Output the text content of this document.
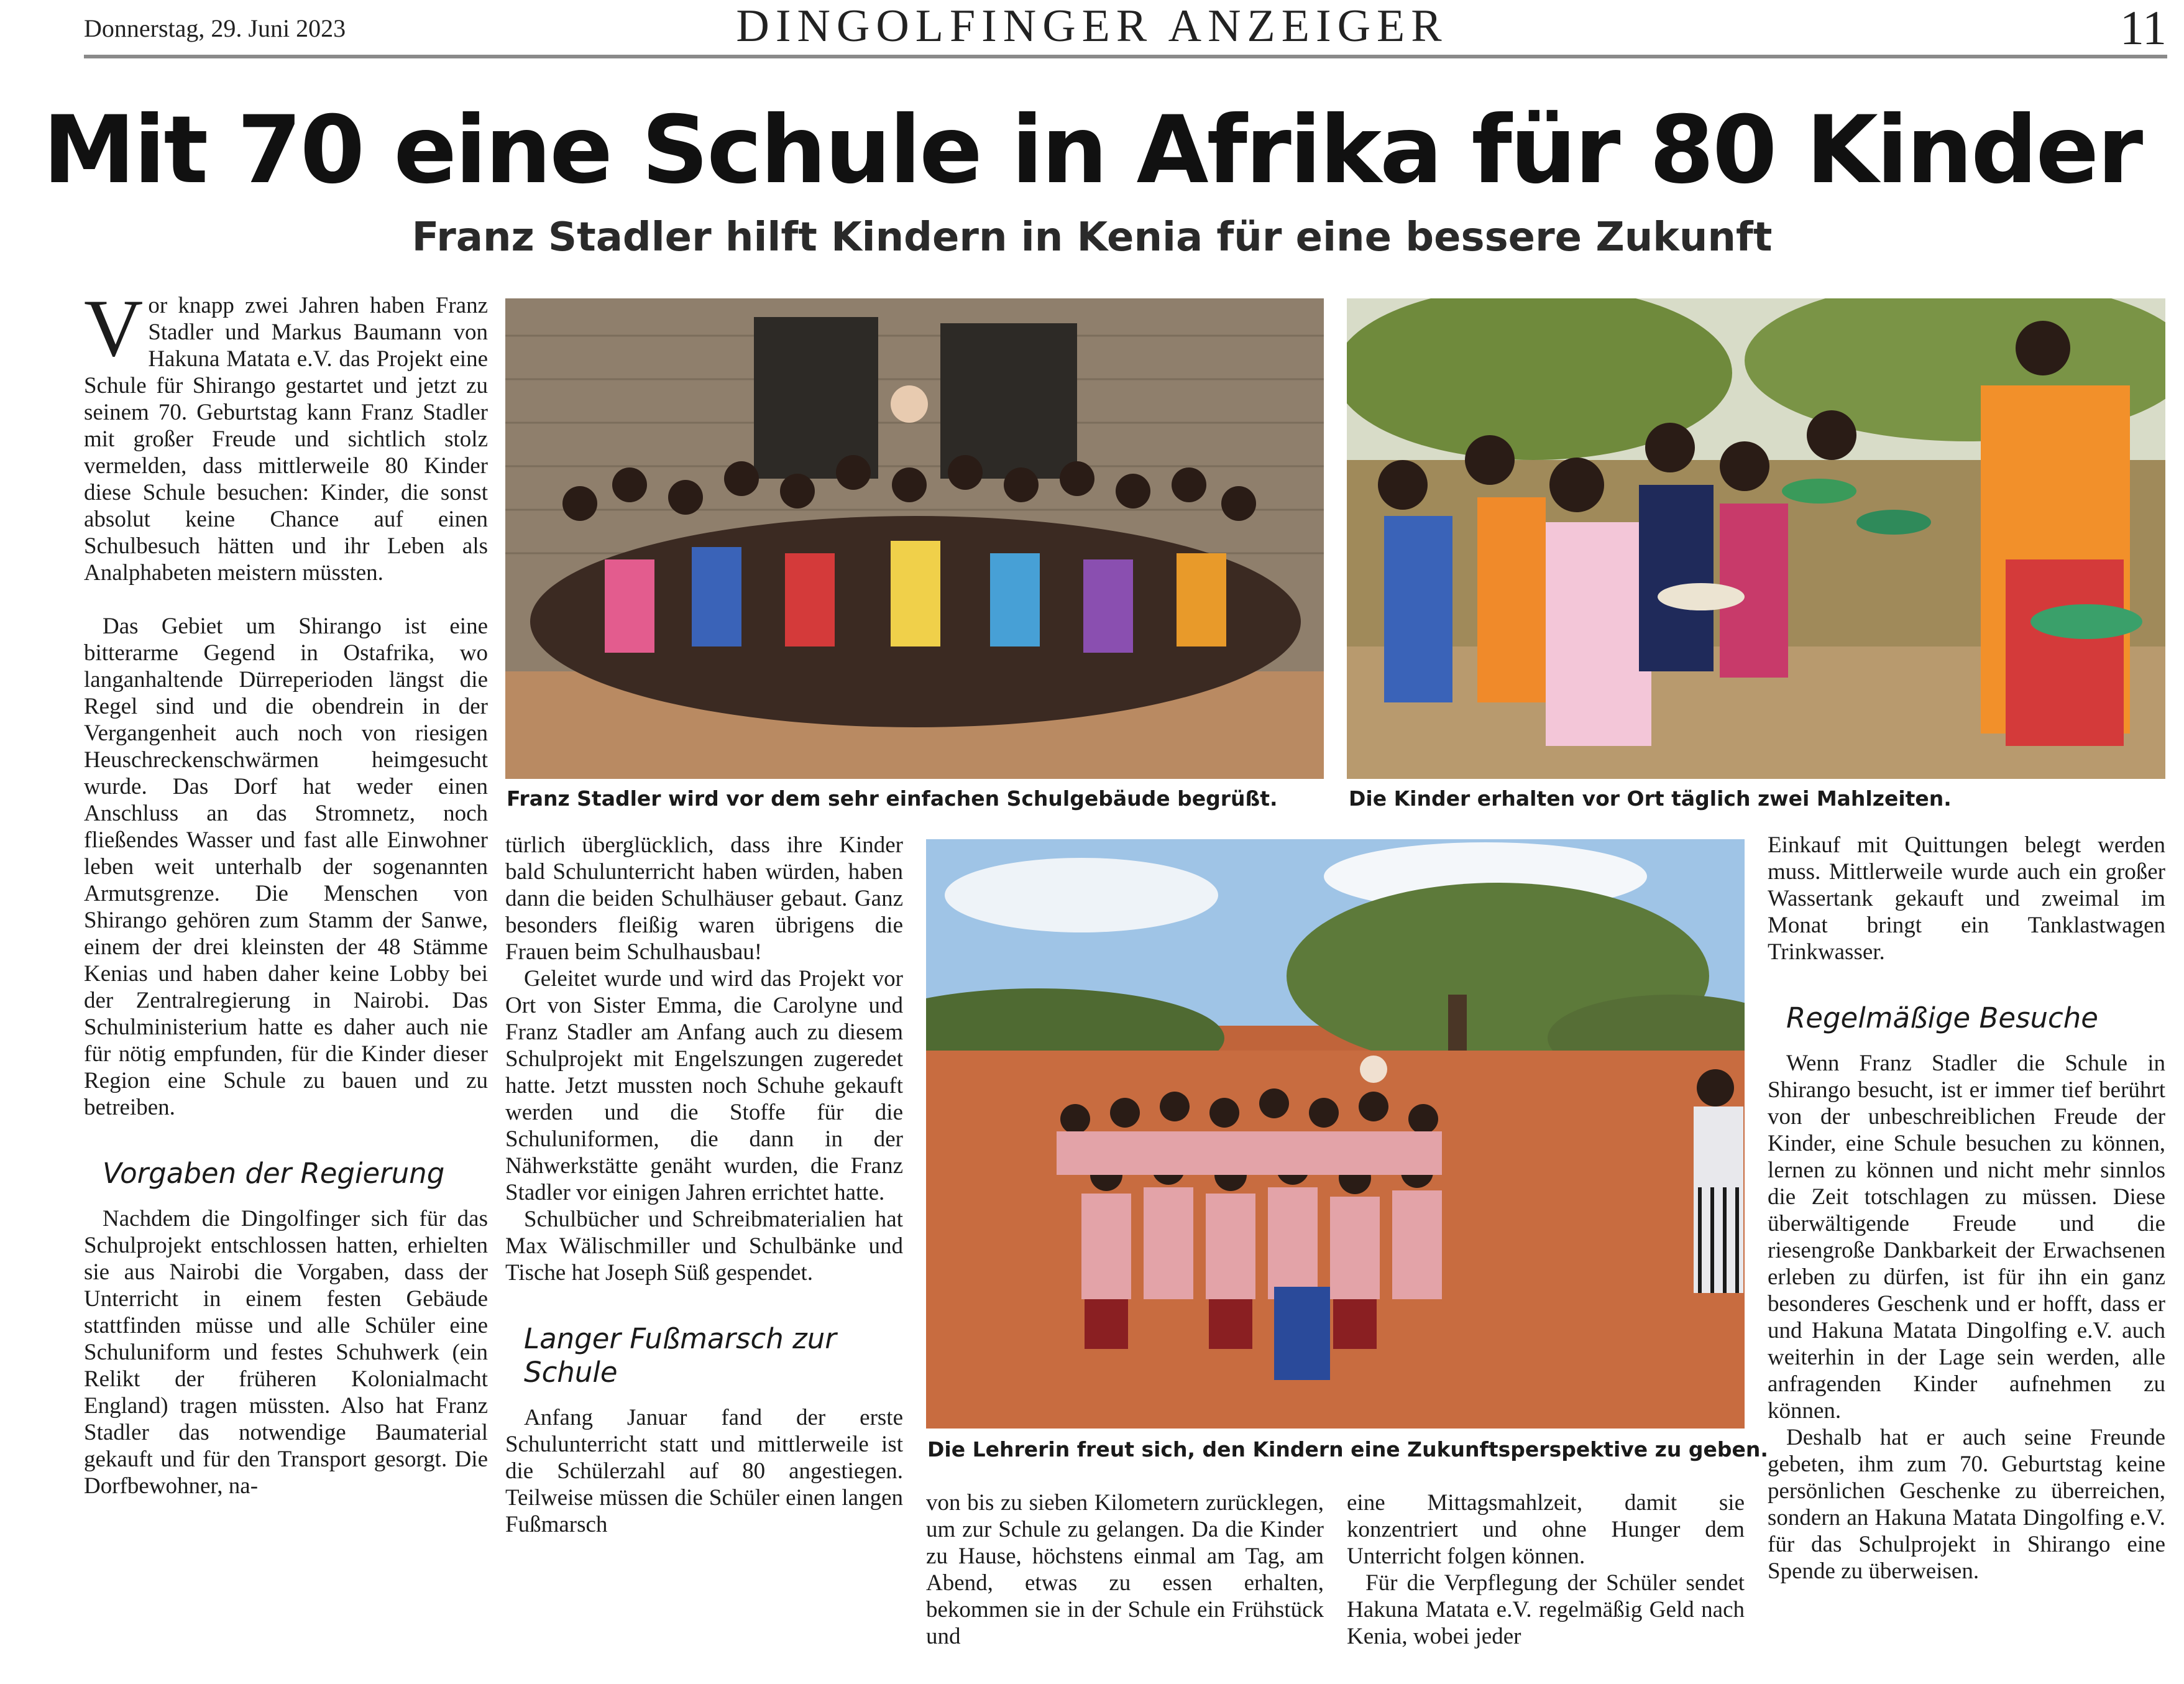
Donnerstag, 29. Juni 2023	DINGOLFINGER ANZEIGER	11
Mit 70 eine Schule in Afrika für 80 Kinder
Franz Stadler hilft Kindern in Kenia für eine bessere Zukunft
V or knapp zwei Jahren haben Franz Stadler und Markus Baumann von Hakuna Matata e.V. das Projekt eine Schule für Shirango gestartet und jetzt zu seinem 70. Geburtstag kann Franz Stadler mit großer Freude und sichtlich stolz vermelden, dass mittlerweile 80 Kinder diese Schule besuchen: Kinder, die sonst absolut keine Chance auf einen Schulbesuch hätten und ihr Leben als Analphabeten meistern müssten.

Das Gebiet um Shirango ist eine bitterarme Gegend in Ostafrika, wo langanhaltende Dürreperioden längst die Regel sind und die obendrein in der Vergangenheit auch noch von riesigen Heuschreckenschwärmen heimgesucht wurde. Das Dorf hat weder einen Anschluss an das Stromnetz, noch fließendes Wasser und fast alle Einwohner leben weit unterhalb der sogenannten Armutsgrenze. Die Menschen von Shirango gehören zum Stamm der Sanwe, einem der drei kleinsten der 48 Stämme Kenias und haben daher keine Lobby bei der Zentralregierung in Nairobi. Das Schulministerium hatte es daher auch nie für nötig empfunden, für die Kinder dieser Region eine Schule zu bauen und zu betreiben.

Vorgaben der Regierung

Nachdem die Dingolfinger sich für das Schulprojekt entschlossen hatten, erhielten sie aus Nairobi die Vorgaben, dass der Unterricht in einem festen Gebäude stattfinden müsse und alle Schüler eine Schuluniform und festes Schuhwerk (ein Relikt der früheren Kolonialmacht England) tragen müssten. Also hat Franz Stadler das notwendige Baumaterial gekauft und für den Transport gesorgt. Die Dorfbewohner, na-

Franz Stadler wird vor dem sehr einfachen Schulgebäude begrüßt.	Die Kinder erhalten vor Ort täglich zwei Mahlzeiten.

türlich überglücklich, dass ihre Kinder bald Schulunterricht haben würden, haben dann die beiden Schulhäuser gebaut. Ganz besonders fleißig waren übrigens die Frauen beim Schulhausbau!

Geleitet wurde und wird das Projekt vor Ort von Sister Emma, die Carolyne und Franz Stadler am Anfang auch zu diesem Schulprojekt mit Engelszungen zugeredet hatte. Jetzt mussten noch Schuhe gekauft werden und die Stoffe für die Schuluniformen, die dann in der Nähwerkstätte genäht wurden, die Franz Stadler vor einigen Jahren errichtet hatte.

Schulbücher und Schreibmaterialien hat Max Wälischmiller und Schulbänke und Tische hat Joseph Süß gespendet.

Langer Fußmarsch zur Schule

Anfang Januar fand der erste Schulunterricht statt und mittlerweile ist die Schülerzahl auf 80 angestiegen. Teilweise müssen die Schüler einen langen Fußmarsch

Die Lehrerin freut sich, den Kindern eine Zukunftsperspektive zu geben.

von bis zu sieben Kilometern zurücklegen, um zur Schule zu gelangen. Da die Kinder zu Hause, höchstens einmal am Tag, am Abend, etwas zu essen erhalten, bekommen sie in der Schule ein Frühstück und

eine Mittagsmahlzeit, damit sie konzentriert und ohne Hunger dem Unterricht folgen können.

Für die Verpflegung der Schüler sendet Hakuna Matata e.V. regelmäßig Geld nach Kenia, wobei jeder

Einkauf mit Quittungen belegt werden muss. Mittlerweile wurde auch ein großer Wassertank gekauft und zweimal im Monat bringt ein Tanklastwagen Trinkwasser.

Regelmäßige Besuche

Wenn Franz Stadler die Schule in Shirango besucht, ist er immer tief berührt von der unbeschreiblichen Freude der Kinder, eine Schule besuchen zu können, lernen zu können und nicht mehr sinnlos die Zeit totschlagen zu müssen. Diese überwältigende Freude und die riesengroße Dankbarkeit der Erwachsenen erleben zu dürfen, ist für ihn ein ganz besonderes Geschenk und er hofft, dass er und Hakuna Matata Dingolfing e.V. auch weiterhin in der Lage sein werden, alle anfragenden Kinder aufnehmen zu können.

Deshalb hat er auch seine Freunde gebeten, ihm zum 70. Geburtstag keine persönlichen Geschenke zu überreichen, sondern an Hakuna Matata Dingolfing e.V. für das Schulprojekt in Shirango eine Spende zu überweisen.
